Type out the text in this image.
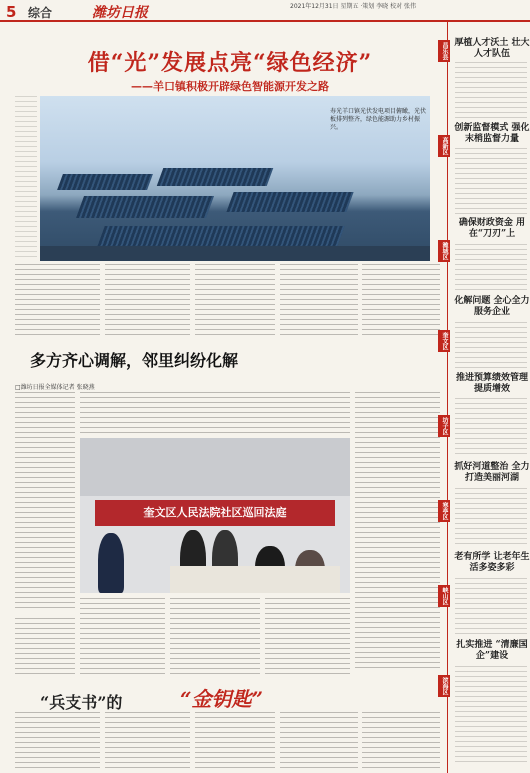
5 综合	潍坊日报	2021年12月31日 星期五 ·策划 李晓 校对 张伟
借“光”发展点亮“绿色经济”
——羊口镇积极开辟绿色智能源开发之路
寿光羊口镇光伏发电项目俯瞰，光伏板排列整齐，绿色能源助力乡村振兴。
多方齐心调解，邻里纠纷化解
□潍坊日报全媒体记者 张晓燕
奎文区人民法院社区巡回法庭
“兵支书”的	“金钥匙”
昌乐县 厚植人才沃土 壮大人才队伍
高新区
创新监督模式 强化末梢监督力量
潍城区
确保财政资金 用在“刀刃”上
奎文区
化解问题 全心全力服务企业
坊子区
推进预算绩效管理 提质增效
寒亭区
抓好河道整治 全力打造美丽河湖
峡山区
老有所学 让老年生活多姿多彩
滨海区
扎实推进 “清廉国企”建设
